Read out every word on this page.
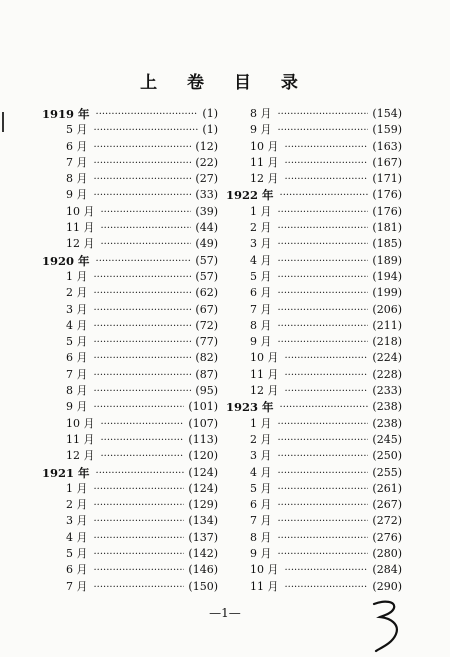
上 卷 目 录
1919 年 ·····	(1)
5 月 ·····	(1)
6 月 ·····	(12)
7 月 ·····	(22)
8 月 ·····	(27)
9 月 ·····	(33)
10 月 ·····	(39)
11 月 ·····	(44)
12 月 ·····	(49)
1920 年 ·····	(57)
1 月 ·····	(57)
2 月 ·····	(62)
3 月 ·····	(67)
4 月 ·····	(72)
5 月 ·····	(77)
6 月 ·····	(82)
7 月 ·····	(87)
8 月 ·····	(95)
9 月 ·····	(101)
10 月 ·····	(107)
11 月 ·····	(113)
12 月 ·····	(120)
1921 年 ·····	(124)
1 月 ·····	(124)
2 月 ·····	(129)
3 月 ·····	(134)
4 月 ·····	(137)
5 月 ·····	(142)
6 月 ·····	(146)
7 月 ·····	(150)
8 月 ·····	(154)
9 月 ·····	(159)
10 月 ·····	(163)
11 月 ·····	(167)
12 月 ·····	(171)
1922 年 ·····	(176)
1 月 ·····	(176)
2 月 ·····	(181)
3 月 ·····	(185)
4 月 ·····	(189)
5 月 ·····	(194)
6 月 ·····	(199)
7 月 ·····	(206)
8 月 ·····	(211)
9 月 ·····	(218)
10 月 ·····	(224)
11 月 ·····	(228)
12 月 ·····	(233)
1923 年 ·····	(238)
1 月 ·····	(238)
2 月 ·····	(245)
3 月 ·····	(250)
4 月 ·····	(255)
5 月 ·····	(261)
6 月 ·····	(267)
7 月 ·····	(272)
8 月 ·····	(276)
9 月 ·····	(280)
10 月 ·····	(284)
11 月 ·····	(290)
—1—
